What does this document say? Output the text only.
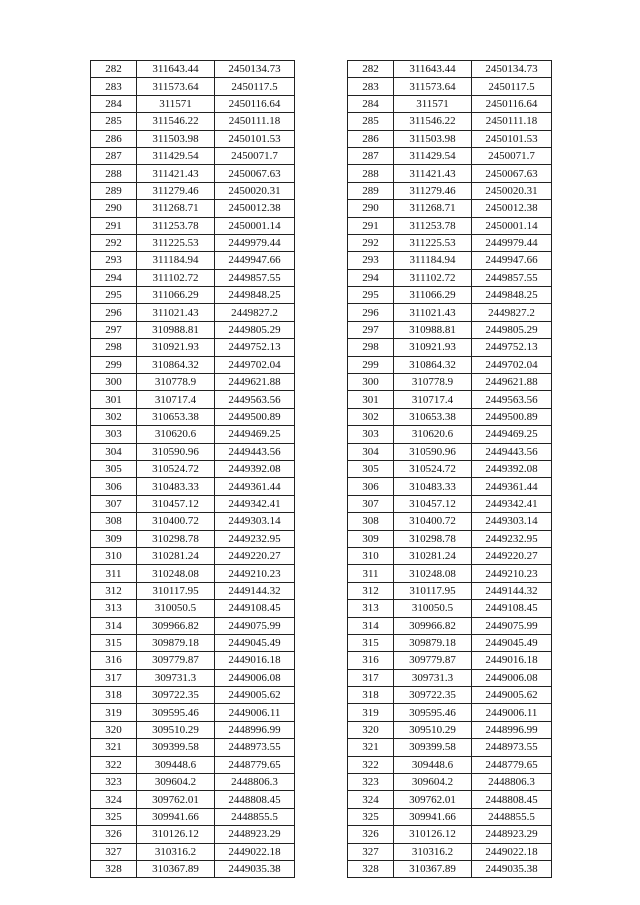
282	311643.44	2450134.73
283	311573.64	2450117.5
284	311571	2450116.64
285	311546.22	2450111.18
286	311503.98	2450101.53
287	311429.54	2450071.7
288	311421.43	2450067.63
289	311279.46	2450020.31
290	311268.71	2450012.38
291	311253.78	2450001.14
292	311225.53	2449979.44
293	311184.94	2449947.66
294	311102.72	2449857.55
295	311066.29	2449848.25
296	311021.43	2449827.2
297	310988.81	2449805.29
298	310921.93	2449752.13
299	310864.32	2449702.04
300	310778.9	2449621.88
301	310717.4	2449563.56
302	310653.38	2449500.89
303	310620.6	2449469.25
304	310590.96	2449443.56
305	310524.72	2449392.08
306	310483.33	2449361.44
307	310457.12	2449342.41
308	310400.72	2449303.14
309	310298.78	2449232.95
310	310281.24	2449220.27
311	310248.08	2449210.23
312	310117.95	2449144.32
313	310050.5	2449108.45
314	309966.82	2449075.99
315	309879.18	2449045.49
316	309779.87	2449016.18
317	309731.3	2449006.08
318	309722.35	2449005.62
319	309595.46	2449006.11
320	309510.29	2448996.99
321	309399.58	2448973.55
322	309448.6	2448779.65
323	309604.2	2448806.3
324	309762.01	2448808.45
325	309941.66	2448855.5
326	310126.12	2448923.29
327	310316.2	2449022.18
328	310367.89	2449035.38
282	311643.44	2450134.73
283	311573.64	2450117.5
284	311571	2450116.64
285	311546.22	2450111.18
286	311503.98	2450101.53
287	311429.54	2450071.7
288	311421.43	2450067.63
289	311279.46	2450020.31
290	311268.71	2450012.38
291	311253.78	2450001.14
292	311225.53	2449979.44
293	311184.94	2449947.66
294	311102.72	2449857.55
295	311066.29	2449848.25
296	311021.43	2449827.2
297	310988.81	2449805.29
298	310921.93	2449752.13
299	310864.32	2449702.04
300	310778.9	2449621.88
301	310717.4	2449563.56
302	310653.38	2449500.89
303	310620.6	2449469.25
304	310590.96	2449443.56
305	310524.72	2449392.08
306	310483.33	2449361.44
307	310457.12	2449342.41
308	310400.72	2449303.14
309	310298.78	2449232.95
310	310281.24	2449220.27
311	310248.08	2449210.23
312	310117.95	2449144.32
313	310050.5	2449108.45
314	309966.82	2449075.99
315	309879.18	2449045.49
316	309779.87	2449016.18
317	309731.3	2449006.08
318	309722.35	2449005.62
319	309595.46	2449006.11
320	309510.29	2448996.99
321	309399.58	2448973.55
322	309448.6	2448779.65
323	309604.2	2448806.3
324	309762.01	2448808.45
325	309941.66	2448855.5
326	310126.12	2448923.29
327	310316.2	2449022.18
328	310367.89	2449035.38
